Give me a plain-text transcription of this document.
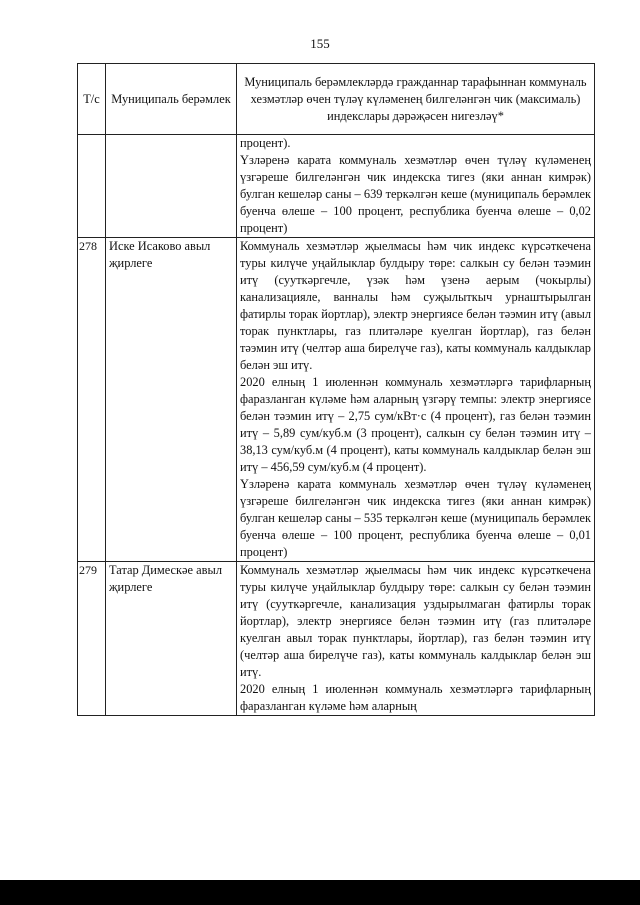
155
Т/с	Муниципаль берәмлек	Муниципаль берәмлекләрдә гражданнар тарафыннан коммуналь хезмәтләр өчен түләү күләменең билгеләнгән чик (максималь) индекслары дәрәҗәсен нигезләү*

		процент).

Үзләренә карата коммуналь хезмәтләр өчен түләү күләменең үзгәреше билгеләнгән чик индекска тигез (яки аннан кимрәк) булган кешеләр саны – 639 теркәлгән кеше (муниципаль берәмлек буенча өлеше – 100 процент, республика буенча өлеше – 0,02 процент)

278	Иске Исаково авыл җирлеге	Коммуналь хезмәтләр җыелмасы һәм чик индекс күрсәткечена туры килүче уңайлыклар булдыру төре: салкын су белән тәэмин итү (сууткәргечле, үзәк һәм үзенә аерым (чокырлы) канализацияле, ванналы һәм суҗылыткыч урнаштырылган фатирлы торак йортлар), электр энергиясе белән тәэмин итү (авыл торак пунктлары, газ плитәләре куелган йортлар), газ белән тәэмин итү (челтәр аша бирелүче газ), каты коммуналь калдыклар белән эш итү.

2020 елның 1 июленнән коммуналь хезмәтләргә тарифларның фаразланган күләме һәм аларның үзгәрү темпы: электр энергиясе белән тәэмин итү – 2,75 сум/кВт·с (4 процент), газ белән тәэмин итү – 5,89 сум/куб.м (3 процент), салкын су белән тәэмин итү – 38,13 сум/куб.м (4 процент), каты коммуналь калдыклар белән эш итү – 456,59 сум/куб.м (4 процент).

Үзләренә карата коммуналь хезмәтләр өчен түләү күләменең үзгәреше билгеләнгән чик индекска тигез (яки аннан кимрәк) булган кешеләр саны – 535 теркәлгән кеше (муниципаль берәмлек буенча өлеше – 100 процент, республика буенча өлеше – 0,01 процент)

279	Татар Димескәе авыл җирлеге	Коммуналь хезмәтләр җыелмасы һәм чик индекс күрсәткечена туры килүче уңайлыклар булдыру төре: салкын су белән тәэмин итү (сууткәргечле, канализация уздырылмаган фатирлы торак йортлар), электр энергиясе белән тәэмин итү (газ плитәләре куелган авыл торак пунктлары, йортлар), газ белән тәэмин итү (челтәр аша бирелүче газ), каты коммуналь калдыклар белән эш итү.

2020 елның 1 июленнән коммуналь хезмәтләргә тарифларның фаразланган күләме һәм аларның
